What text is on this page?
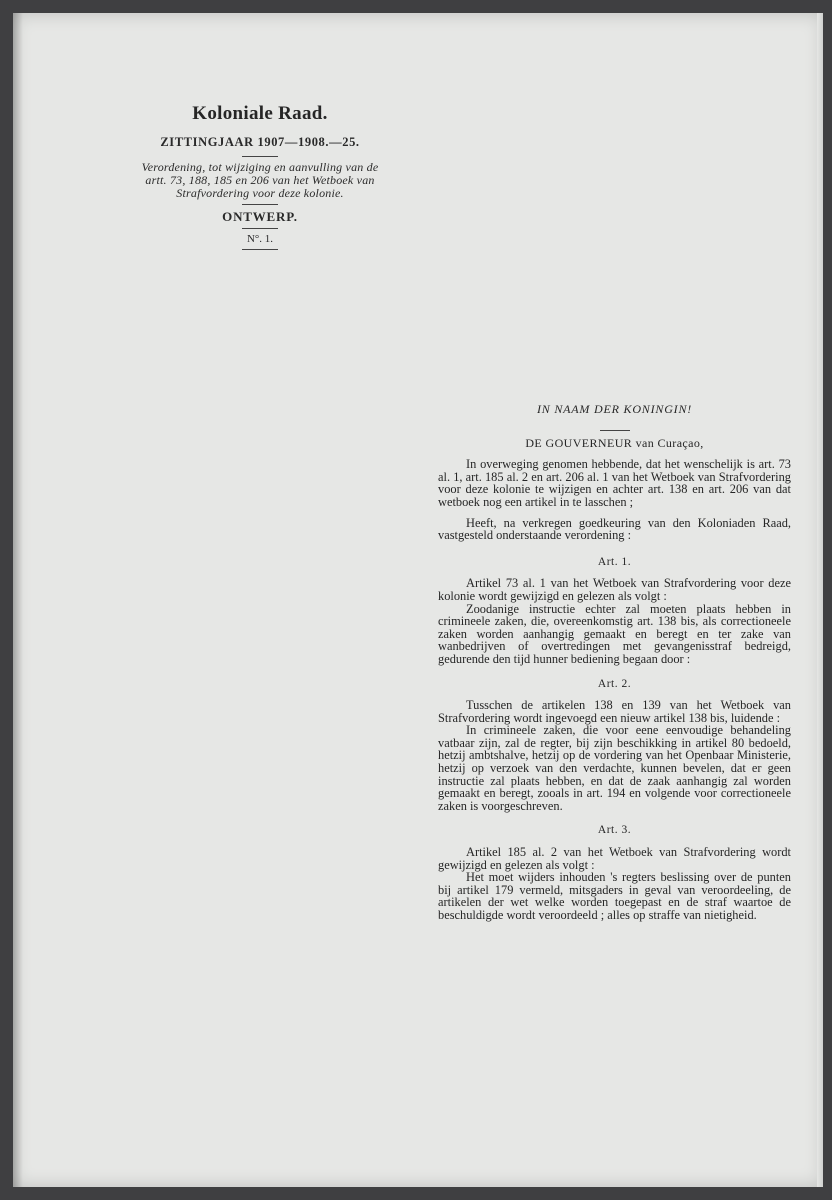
Koloniale Raad.
ZITTINGJAAR 1907—1908.—25.
Verordening, tot wijziging en aanvulling van de artt. 73, 188, 185 en 206 van het Wetboek van Strafvordering voor deze kolonie.
ONTWERP.
N°. 1.
IN NAAM DER KONINGIN!
DE GOUVERNEUR van Curaçao,

In overweging genomen hebbende, dat het wenschelijk is art. 73 al. 1, art. 185 al. 2 en art. 206 al. 1 van het Wetboek van Strafvordering voor deze kolonie te wijzigen en achter art. 138 en art. 206 van dat wetboek nog een artikel in te lasschen ;

Heeft, na verkregen goedkeuring van den Koloniaden Raad, vastgesteld onderstaande verordening :

Art. 1.

Artikel 73 al. 1 van het Wetboek van Strafvordering voor deze kolonie wordt gewijzigd en gelezen als volgt :

Zoodanige instructie echter zal moeten plaats hebben in crimineele zaken, die, overeenkomstig art. 138 bis, als correctioneele zaken worden aanhangig gemaakt en beregt en ter zake van wanbedrijven of overtredingen met gevangenisstraf bedreigd, gedurende den tijd hunner bediening begaan door :

Art. 2.

Tusschen de artikelen 138 en 139 van het Wetboek van Strafvordering wordt ingevoegd een nieuw artikel 138 bis, luidende :

In crimineele zaken, die voor eene eenvoudige behandeling vatbaar zijn, zal de regter, bij zijn beschikking in artikel 80 bedoeld, hetzij ambtshalve, hetzij op de vordering van het Openbaar Ministerie, hetzij op verzoek van den verdachte, kunnen bevelen, dat er geen instructie zal plaats hebben, en dat de zaak aanhangig zal worden gemaakt en beregt, zooals in art. 194 en volgende voor correctioneele zaken is voorgeschreven.

Art. 3.

Artikel 185 al. 2 van het Wetboek van Strafvordering wordt gewijzigd en gelezen als volgt :

Het moet wijders inhouden 's regters beslissing over de punten bij artikel 179 vermeld, mitsgaders in geval van veroordeeling, de artikelen der wet welke worden toegepast en de straf waartoe de beschuldigde wordt veroordeeld ; alles op straffe van nietigheid.
